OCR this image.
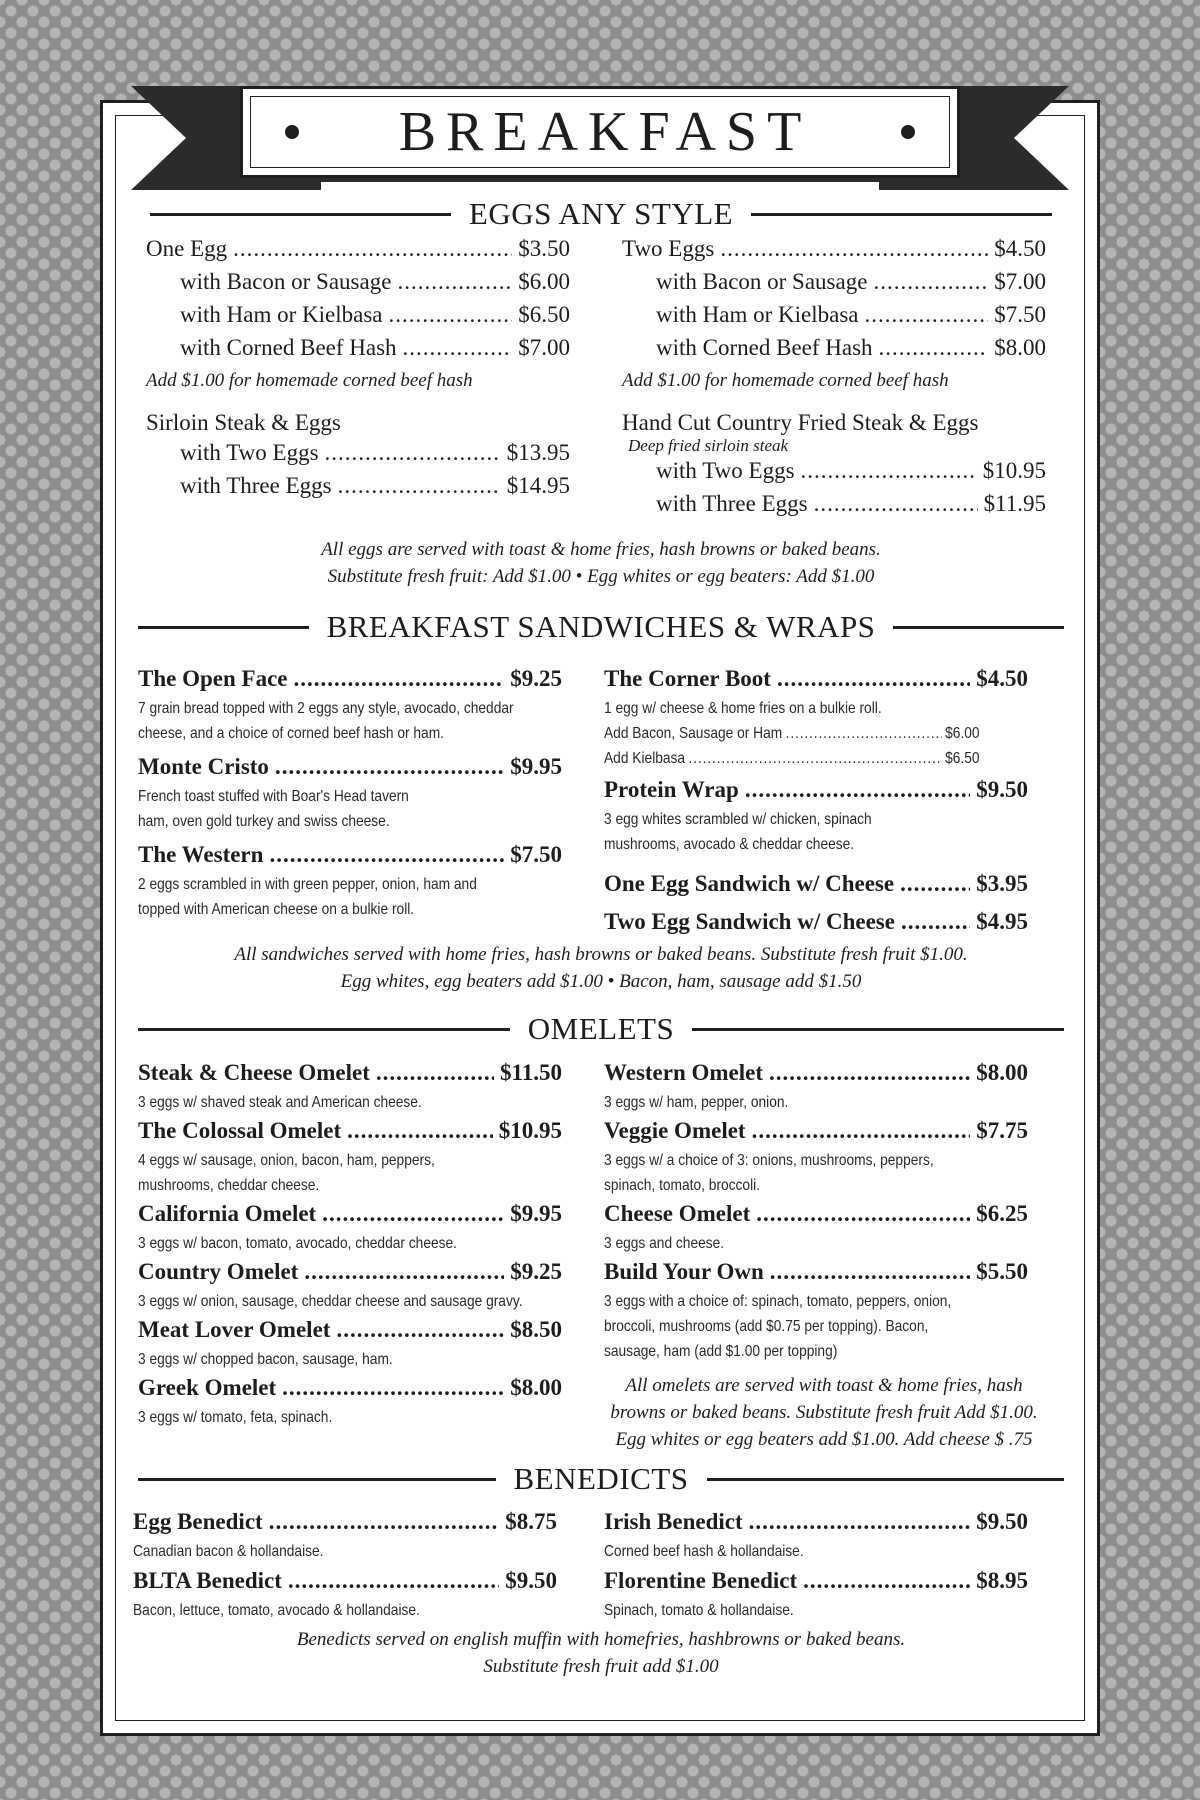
BREAKFAST
EGGS ANY STYLE
One Egg .....	$3.50
with Bacon or Sausage .....	$6.00
with Ham or Kielbasa .....	$6.50
with Corned Beef Hash .....	$7.00
Add $1.00 for homemade corned beef hash
Sirloin Steak & Eggs
with Two Eggs .....	$13.95
with Three Eggs .....	$14.95
Two Eggs .....	$4.50
with Bacon or Sausage .....	$7.00
with Ham or Kielbasa .....	$7.50
with Corned Beef Hash .....	$8.00
Add $1.00 for homemade corned beef hash
Hand Cut Country Fried Steak & Eggs
Deep fried sirloin steak
with Two Eggs .....	$10.95
with Three Eggs .....	$11.95
All eggs are served with toast & home fries, hash browns or baked beans.
Substitute fresh fruit: Add $1.00 • Egg whites or egg beaters: Add $1.00
BREAKFAST SANDWICHES & WRAPS
The Open Face .....	$9.25
7 grain bread topped with 2 eggs any style, avocado, cheddar
cheese, and a choice of corned beef hash or ham.
Monte Cristo .....	$9.95
French toast stuffed with Boar's Head tavern
ham, oven gold turkey and swiss cheese.
The Western .....	$7.50
2 eggs scrambled in with green pepper, onion, ham and
topped with American cheese on a bulkie roll.
The Corner Boot .....	$4.50
1 egg w/ cheese & home fries on a bulkie roll.
Add Bacon, Sausage or Ham .....	$6.00
Add Kielbasa .....	$6.50
Protein Wrap .....	$9.50
3 egg whites scrambled w/ chicken, spinach
mushrooms, avocado & cheddar cheese.
One Egg Sandwich w/ Cheese .....	$3.95
Two Egg Sandwich w/ Cheese .....	$4.95
All sandwiches served with home fries, hash browns or baked beans. Substitute fresh fruit $1.00.
Egg whites, egg beaters add $1.00 • Bacon, ham, sausage add $1.50
OMELETS
Steak & Cheese Omelet .....	$11.50
3 eggs w/ shaved steak and American cheese.
The Colossal Omelet .....	$10.95
4 eggs w/ sausage, onion, bacon, ham, peppers,
mushrooms, cheddar cheese.
California Omelet .....	$9.95
3 eggs w/ bacon, tomato, avocado, cheddar cheese.
Country Omelet .....	$9.25
3 eggs w/ onion, sausage, cheddar cheese and sausage gravy.
Meat Lover Omelet .....	$8.50
3 eggs w/ chopped bacon, sausage, ham.
Greek Omelet .....	$8.00
3 eggs w/ tomato, feta, spinach.
Western Omelet .....	$8.00
3 eggs w/ ham, pepper, onion.
Veggie Omelet .....	$7.75
3 eggs w/ a choice of 3: onions, mushrooms, peppers,
spinach, tomato, broccoli.
Cheese Omelet .....	$6.25
3 eggs and cheese.
Build Your Own .....	$5.50
3 eggs with a choice of: spinach, tomato, peppers, onion,
broccoli, mushrooms (add $0.75 per topping). Bacon,
sausage, ham (add $1.00 per topping)
All omelets are served with toast & home fries, hash
browns or baked beans. Substitute fresh fruit Add $1.00.
Egg whites or egg beaters add $1.00. Add cheese $ .75
BENEDICTS
Egg Benedict .....	$8.75
Canadian bacon & hollandaise.
BLTA Benedict .....	$9.50
Bacon, lettuce, tomato, avocado & hollandaise.
Irish Benedict .....	$9.50
Corned beef hash & hollandaise.
Florentine Benedict .....	$8.95
Spinach, tomato & hollandaise.
Benedicts served on english muffin with homefries, hashbrowns or baked beans.
Substitute fresh fruit add $1.00
